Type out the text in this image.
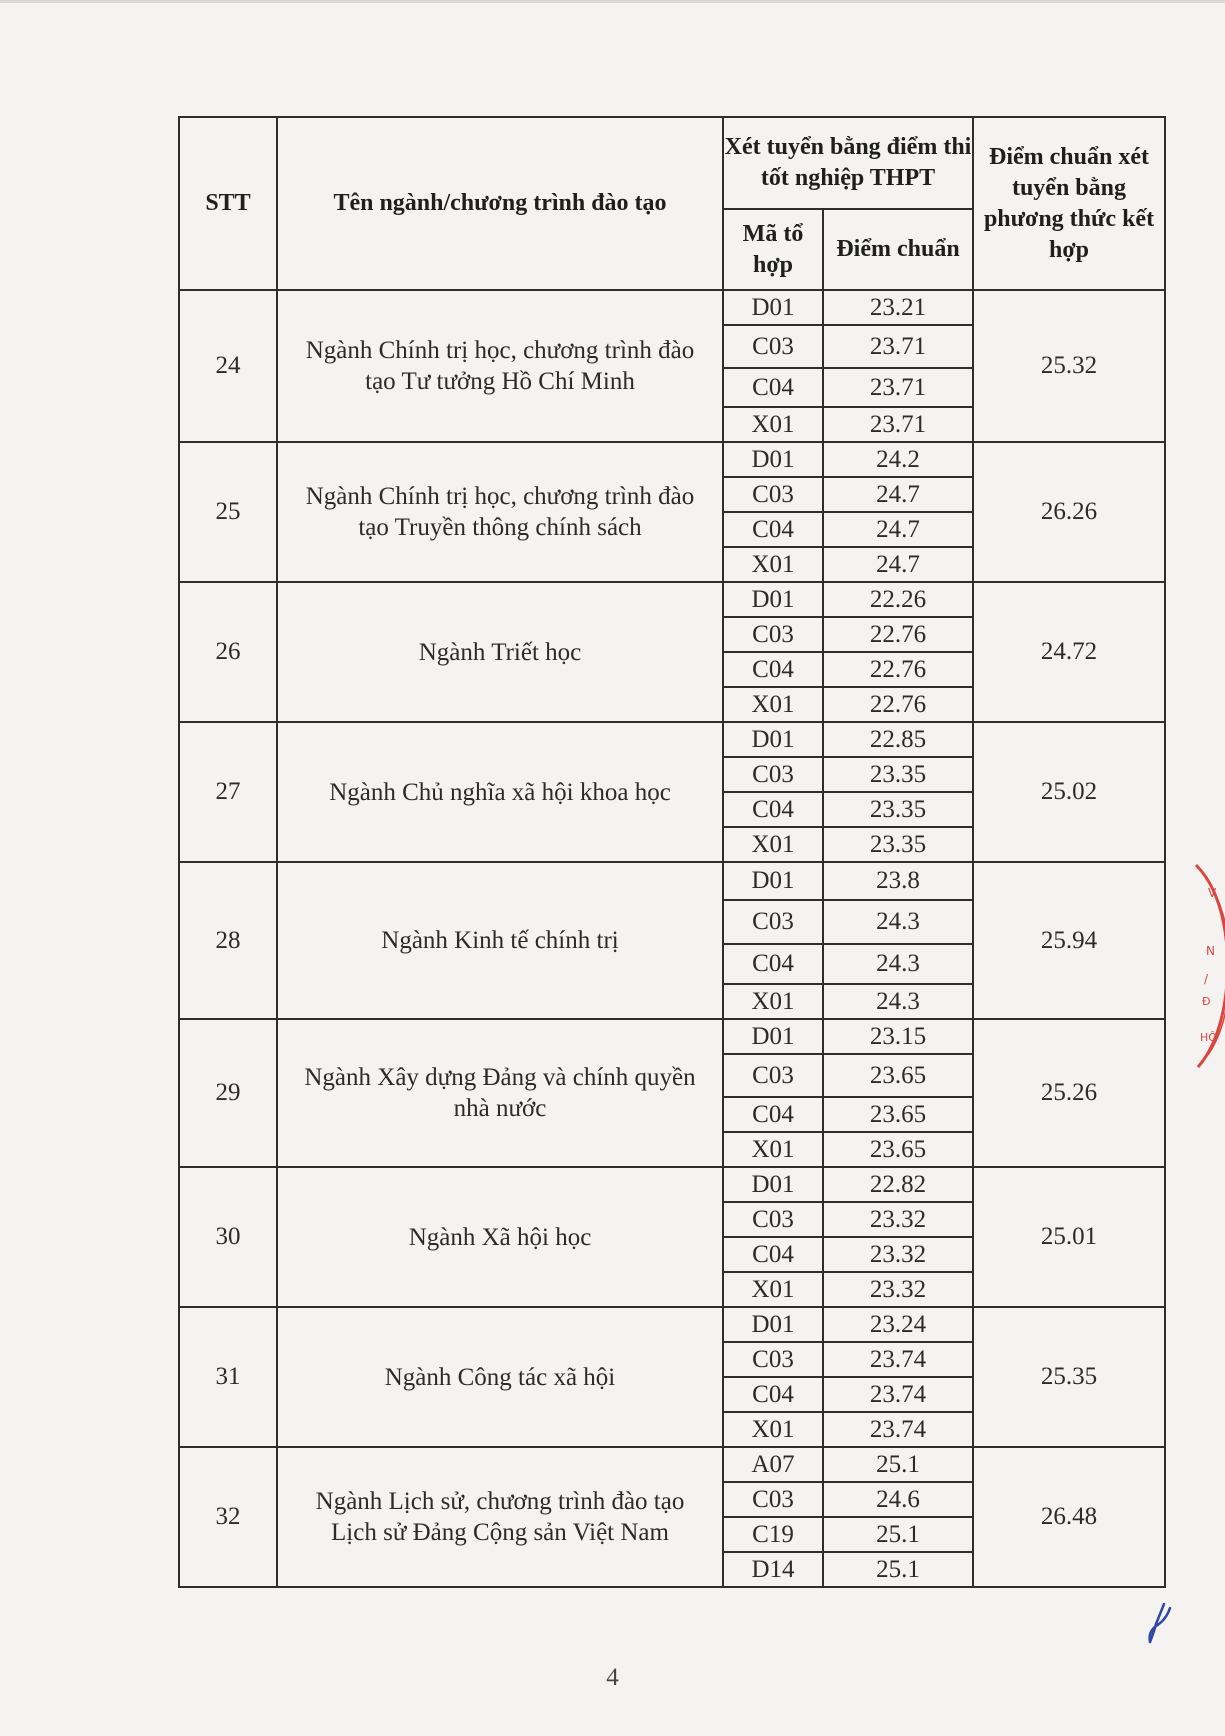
STT	Tên ngành/chương trình đào tạo	Xét tuyển bằng điểm thi tốt nghiệp THPT		Điểm chuẩn xét tuyển bằng phương thức kết hợp
		Mã tổ hợp	Điểm chuẩn	
24	Ngành Chính trị học, chương trình đào tạo Tư tưởng Hồ Chí Minh	D01	23.21	25.32
		C03	23.71	
		C04	23.71	
		X01	23.71	
25	Ngành Chính trị học, chương trình đào tạo Truyền thông chính sách	D01	24.2	26.26
		C03	24.7	
		C04	24.7	
		X01	24.7	
26	Ngành Triết học	D01	22.26	24.72
		C03	22.76	
		C04	22.76	
		X01	22.76	
27	Ngành Chủ nghĩa xã hội khoa học	D01	22.85	25.02
		C03	23.35	
		C04	23.35	
		X01	23.35	
28	Ngành Kinh tế chính trị	D01	23.8	25.94
		C03	24.3	
		C04	24.3	
		X01	24.3	
29	Ngành Xây dựng Đảng và chính quyền nhà nước	D01	23.15	25.26
		C03	23.65	
		C04	23.65	
		X01	23.65	
30	Ngành Xã hội học	D01	22.82	25.01
		C03	23.32	
		C04	23.32	
		X01	23.32	
31	Ngành Công tác xã hội	D01	23.24	25.35
		C03	23.74	
		C04	23.74	
		X01	23.74	
32	Ngành Lịch sử, chương trình đào tạo Lịch sử Đảng Cộng sản Việt Nam	A07	25.1	26.48
		C03	24.6	
		C19	25.1	
		D14	25.1	
V
N
/
Đ
HÔ
4
